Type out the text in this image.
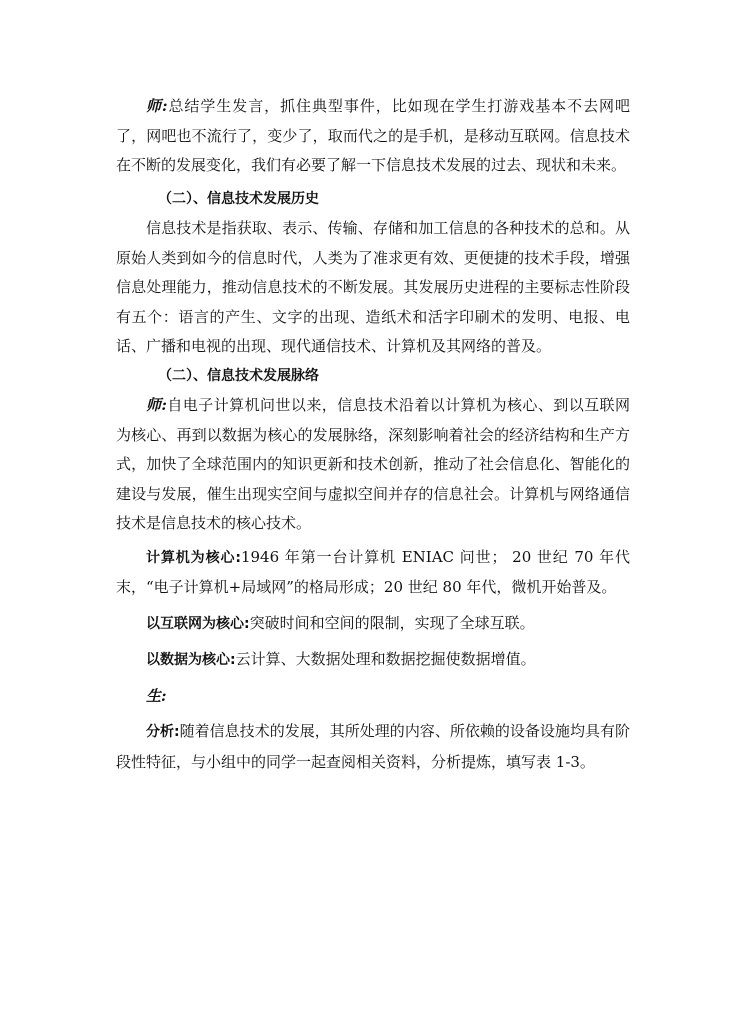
师:总结学生发言，抓住典型事件，比如现在学生打游戏基本不去网吧了，网吧也不流行了，变少了，取而代之的是手机，是移动互联网。信息技术在不断的发展变化，我们有必要了解一下信息技术发展的过去、现状和未来。

（二）、信息技术发展历史

信息技术是指获取、表示、传输、存储和加工信息的各种技术的总和。从原始人类到如今的信息时代，人类为了准求更有效、更便捷的技术手段，增强信息处理能力，推动信息技术的不断发展。其发展历史进程的主要标志性阶段有五个：语言的产生、文字的出现、造纸术和活字印刷术的发明、电报、电话、广播和电视的出现、现代通信技术、计算机及其网络的普及。

（二）、信息技术发展脉络

师:自电子计算机问世以来，信息技术沿着以计算机为核心、到以互联网为核心、再到以数据为核心的发展脉络，深刻影响着社会的经济结构和生产方式，加快了全球范围内的知识更新和技术创新，推动了社会信息化、智能化的建设与发展，催生出现实空间与虚拟空间并存的信息社会。计算机与网络通信技术是信息技术的核心技术。

计算机为核心:1946 年第一台计算机 ENIAC 问世； 20 世纪 70 年代末，“电子计算机+局域网”的格局形成；20 世纪 80 年代，微机开始普及。

以互联网为核心:突破时间和空间的限制，实现了全球互联。

以数据为核心:云计算、大数据处理和数据挖掘使数据增值。

生:

分析:随着信息技术的发展，其所处理的内容、所依赖的设备设施均具有阶段性特征，与小组中的同学一起查阅相关资料，分析提炼，填写表 1-3。
